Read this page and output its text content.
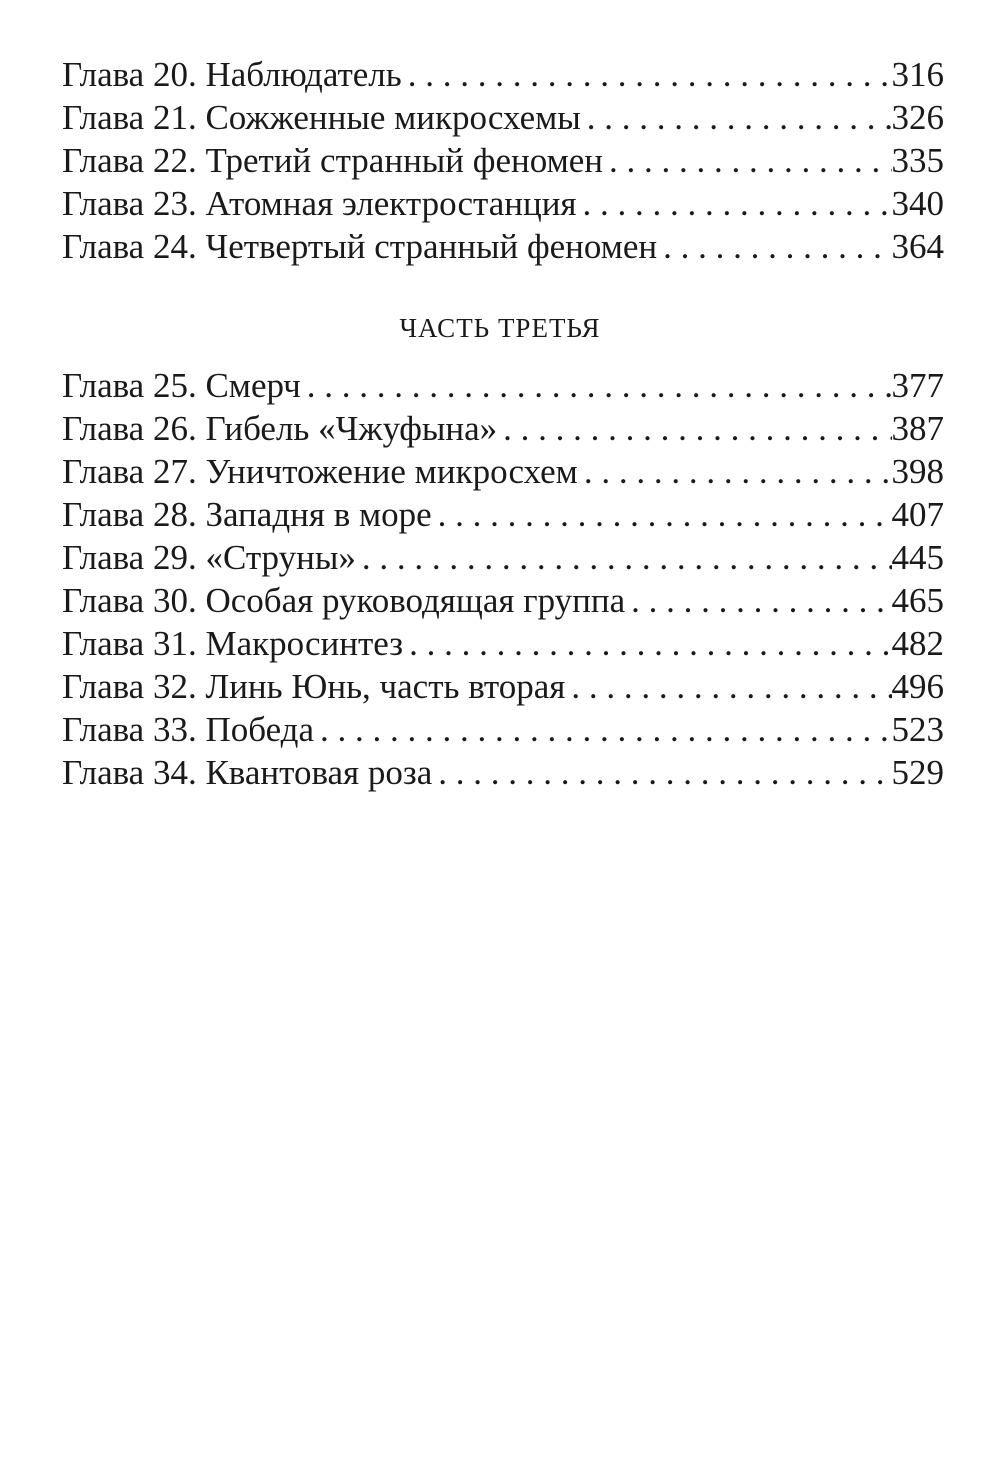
Глава 20. Наблюдатель . . .	316
Глава 21. Сожженные микросхемы . . .	326
Глава 22. Третий странный феномен . . .	335
Глава 23. Атомная электростанция . . .	340
Глава 24. Четвертый странный феномен . . .	364
ЧАСТЬ ТРЕТЬЯ
Глава 25. Смерч . . .	377
Глава 26. Гибель «Чжуфына» . . .	387
Глава 27. Уничтожение микросхем . . .	398
Глава 28. Западня в море . . .	407
Глава 29. «Струны» . . .	445
Глава 30. Особая руководящая группа . . .	465
Глава 31. Макросинтез . . .	482
Глава 32. Линь Юнь, часть вторая . . .	496
Глава 33. Победа . . .	523
Глава 34. Квантовая роза . . .	529
